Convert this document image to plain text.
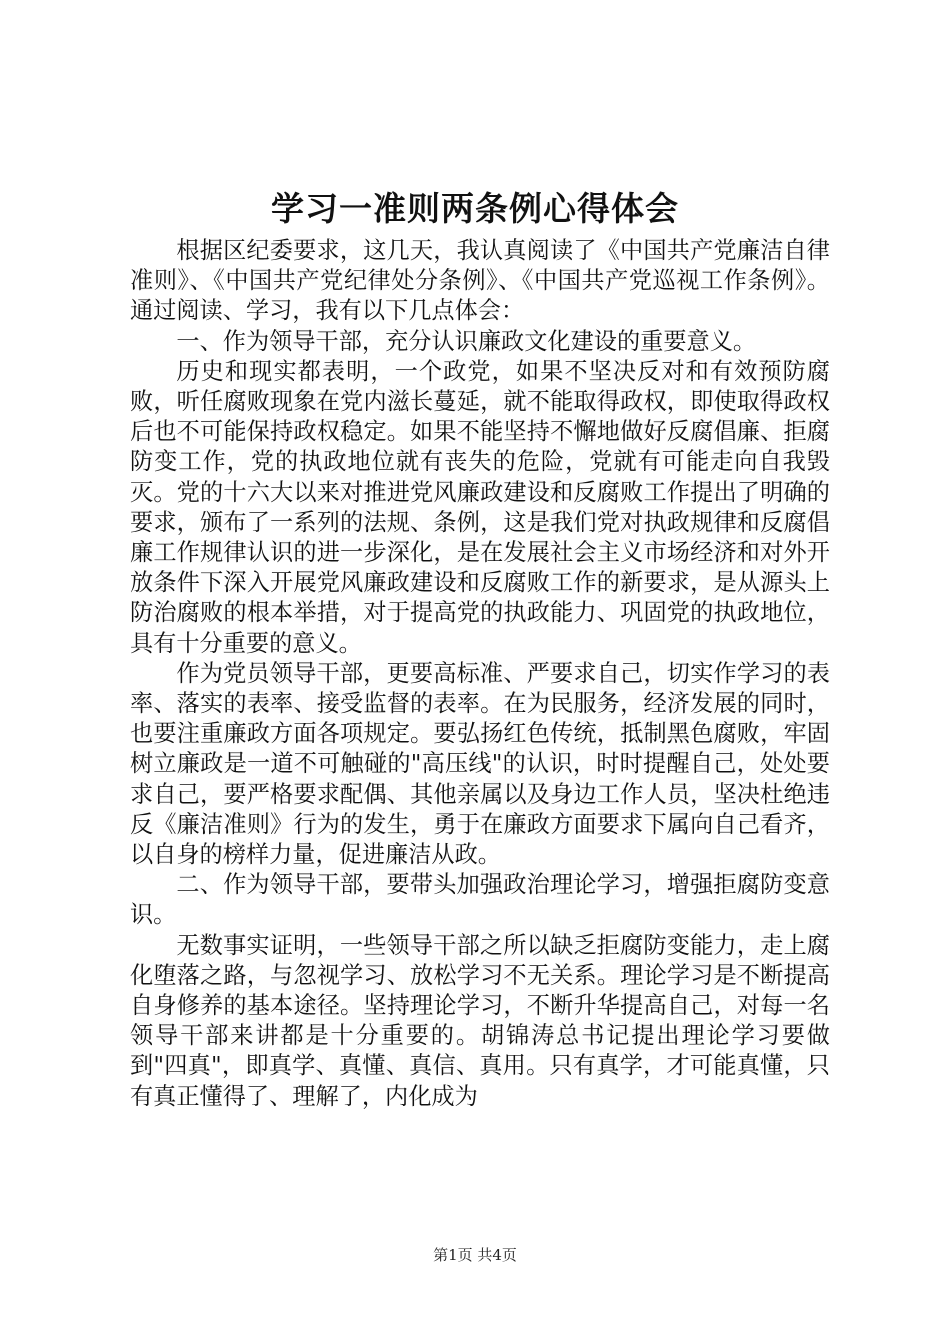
学习一准则两条例心得体会

根据区纪委要求，这几天，我认真阅读了《中国共产党廉洁自律准则》、《中国共产党纪律处分条例》、《中国共产党巡视工作条例》。通过阅读、学习，我有以下几点体会：

一、作为领导干部，充分认识廉政文化建设的重要意义。

历史和现实都表明，一个政党，如果不坚决反对和有效预防腐败，听任腐败现象在党内滋长蔓延，就不能取得政权，即使取得政权后也不可能保持政权稳定。如果不能坚持不懈地做好反腐倡廉、拒腐防变工作，党的执政地位就有丧失的危险，党就有可能走向自我毁灭。党的十六大以来对推进党风廉政建设和反腐败工作提出了明确的要求，颁布了一系列的法规、条例，这是我们党对执政规律和反腐倡廉工作规律认识的进一步深化，是在发展社会主义市场经济和对外开放条件下深入开展党风廉政建设和反腐败工作的新要求，是从源头上防治腐败的根本举措，对于提高党的执政能力、巩固党的执政地位，具有十分重要的意义。

作为党员领导干部，更要高标准、严要求自己，切实作学习的表率、落实的表率、接受监督的表率。在为民服务，经济发展的同时，也要注重廉政方面各项规定。要弘扬红色传统，抵制黑色腐败，牢固树立廉政是一道不可触碰的"高压线"的认识，时时提醒自己，处处要求自己，要严格要求配偶、其他亲属以及身边工作人员，坚决杜绝违反《廉洁准则》行为的发生，勇于在廉政方面要求下属向自己看齐，以自身的榜样力量，促进廉洁从政。

二、作为领导干部，要带头加强政治理论学习，增强拒腐防变意识。

无数事实证明，一些领导干部之所以缺乏拒腐防变能力，走上腐化堕落之路，与忽视学习、放松学习不无关系。理论学习是不断提高自身修养的基本途径。坚持理论学习，不断升华提高自己，对每一名领导干部来讲都是十分重要的。胡锦涛总书记提出理论学习要做到"四真"，即真学、真懂、真信、真用。只有真学，才可能真懂，只有真正懂得了、理解了，内化成为

第1页 共4页
